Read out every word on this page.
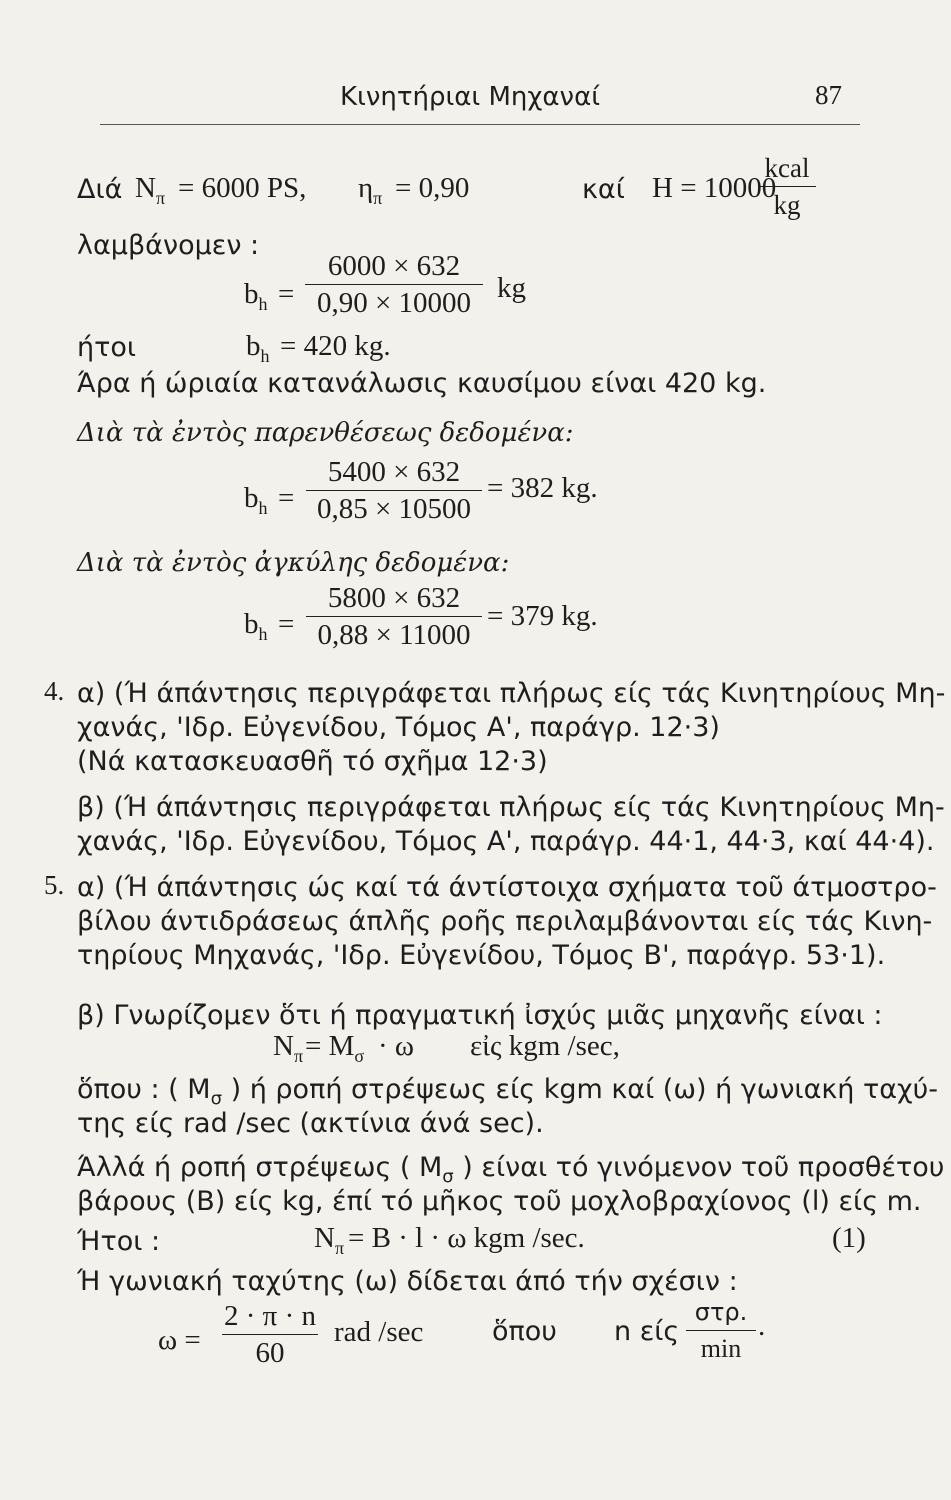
Κινητήριαι Μηχαναί	87
Διά $N_\pi = 6000$ PS, $\eta_\pi = 0,90$	καί H = 10000
kcal
kg
λαμβάνομεν :
$b_h$ =
6000 × 632
0,90 × 10000 kg
ήτοι	$b_h = 420$ kg.
Άρα ή ώριαία κατανάλωσις καυσίμου είναι 420 kg.
Διὰ τὰ ἐντὸς παρενθέσεως δεδομένα:
$b_h$ =
5400 × 632
0,85 × 10500
= 382 kg.
Διὰ τὰ ἐντὸς ἀγκύλης δεδομένα:
$b_h$ =
5800 × 632
0,88 × 11000
= 379 kg.
4. α) (Ή άπάντησις περιγράφεται πλήρως είς τάς Κινητηρίους Μη-
χανάς, 'Ιδρ. Εὐγενίδου, Τόμος Α', παράγρ. 12·3)
(Νά κατασκευασθῆ τό σχῆμα 12·3)
β) (Ή άπάντησις περιγράφεται πλήρως είς τάς Κινητηρίους Μη-
χανάς, 'Ιδρ. Εὐγενίδου, Τόμος Α', παράγρ. 44·1, 44·3, καί 44·4).
5. α) (Ή άπάντησις ώς καί τά άντίστοιχα σχήματα τοῦ άτμοστρο-
βίλου άντιδράσεως άπλῆς ροῆς περιλαμβάνονται είς τάς Κινη-
τηρίους Μηχανάς, 'Ιδρ. Εὐγενίδου, Τόμος Β', παράγρ. 53·1).
β) Γνωρίζομεν ὅτι ή πραγματική ἰσχύς μιᾶς μηχανῆς είναι :
$N_\pi = M_\sigma \cdot \omega$ εἰς kgm /sec,
ὅπου : ( $M_\sigma$ ) ή ροπή στρέψεως είς kgm καί (ω) ή γωνιακή ταχύ-
της είς rad /sec (ακτίνια άνά sec).
Άλλά ή ροπή στρέψεως ( $M_\sigma$ ) είναι τό γινόμενον τοῦ προσθέτου
βάρους (B) είς kg, έπί τό μῆκος τοῦ μοχλοβραχίονος (l) είς m.
Ήτοι :	$N_\pi = B \cdot l \cdot \omega$ kgm /sec.	(1)
Ή γωνιακή ταχύτης (ω) δίδεται άπό τήν σχέσιν :
ω =
2 · π · n
60
rad /sec	ὅπου n είς
στρ.
min
.
